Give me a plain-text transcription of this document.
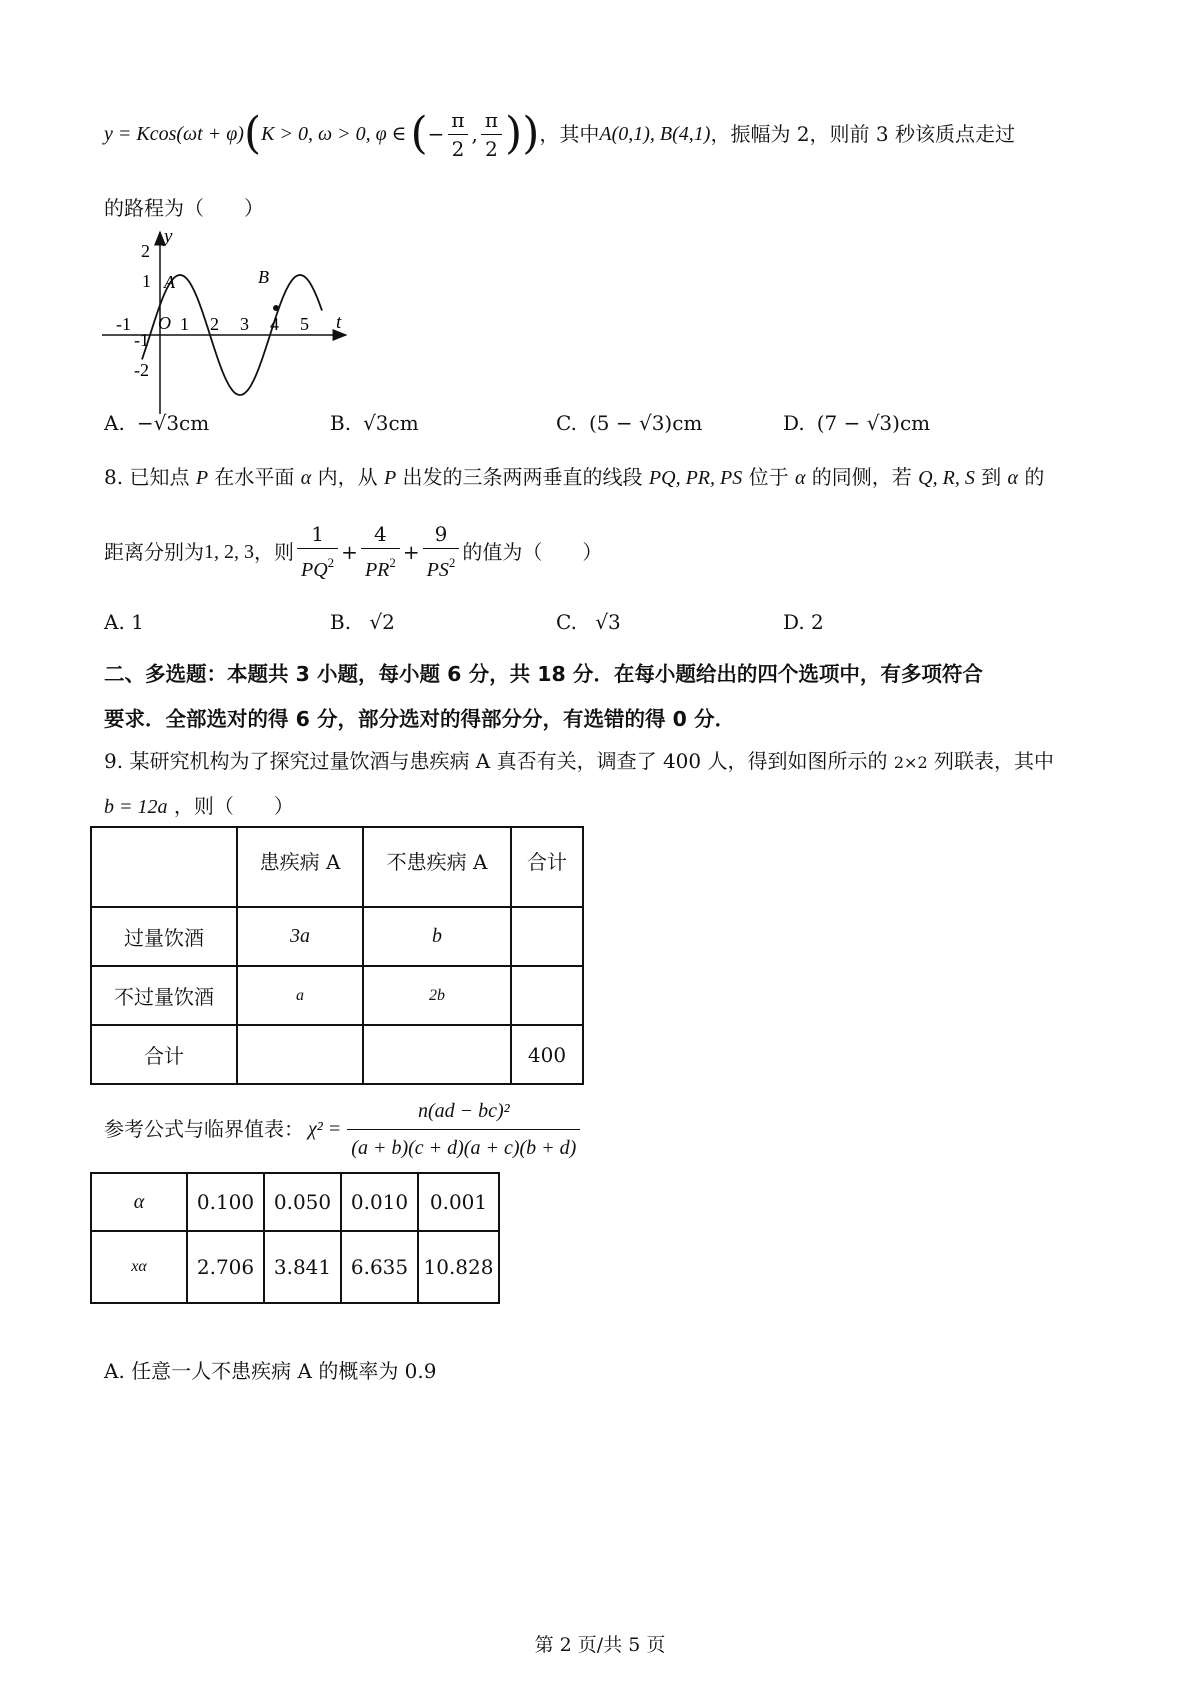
y = Kcos (ωt + φ) ( K > 0, ω > 0, φ ∈ ( − $\frac{\pi}{2}$ , $\frac{\pi}{2}$ ) ) ，其中 A(0,1), B(4,1) ，振幅为 2，则前 3 秒该质点走过
的路程为（　　）
y
t
O
-1	1 2 3 4 5
2
1
-1
-2
A	B
A. −√3cm	B. √3cm	C. (5 − √3)cm	D. (7 − √3)cm
8. 已知点 P 在水平面 α 内，从 P 出发的三条两两垂直的线段 PQ, PR, PS 位于 α 的同侧，若 Q, R, S 到 α 的
距离分别为 1, 2, 3 ，则 $\frac{1}{PQ^2} + \frac{4}{PR^2} + \frac{9}{PS^2}$ 的值为（　　）
A. 1	B. √2	C. √3	D. 2
二、多选题：本题共 3 小题，每小题 6 分，共 18 分．在每小题给出的四个选项中，有多项符合
要求．全部选对的得 6 分，部分选对的得部分分，有选错的得 0 分．
9. 某研究机构为了探究过量饮酒与患疾病 A 真否有关，调查了 400 人，得到如图所示的 2×2 列联表，其中
b = 12a ，则（　　）
	患疾病 A	不患疾病 A	合计
过量饮酒	3a	b	
不过量饮酒	a	2b	
合计			400
参考公式与临界值表： $\chi^2 = \frac{\text{n(ad − bc)²}}{(a + b)(c + d)(a + c)(b + d)}$
α	0.100	0.050	0.010	0.001
xα	2.706	3.841	6.635	10.828
A. 任意一人不患疾病 A 的概率为 0.9
第 2 页/共 5 页
